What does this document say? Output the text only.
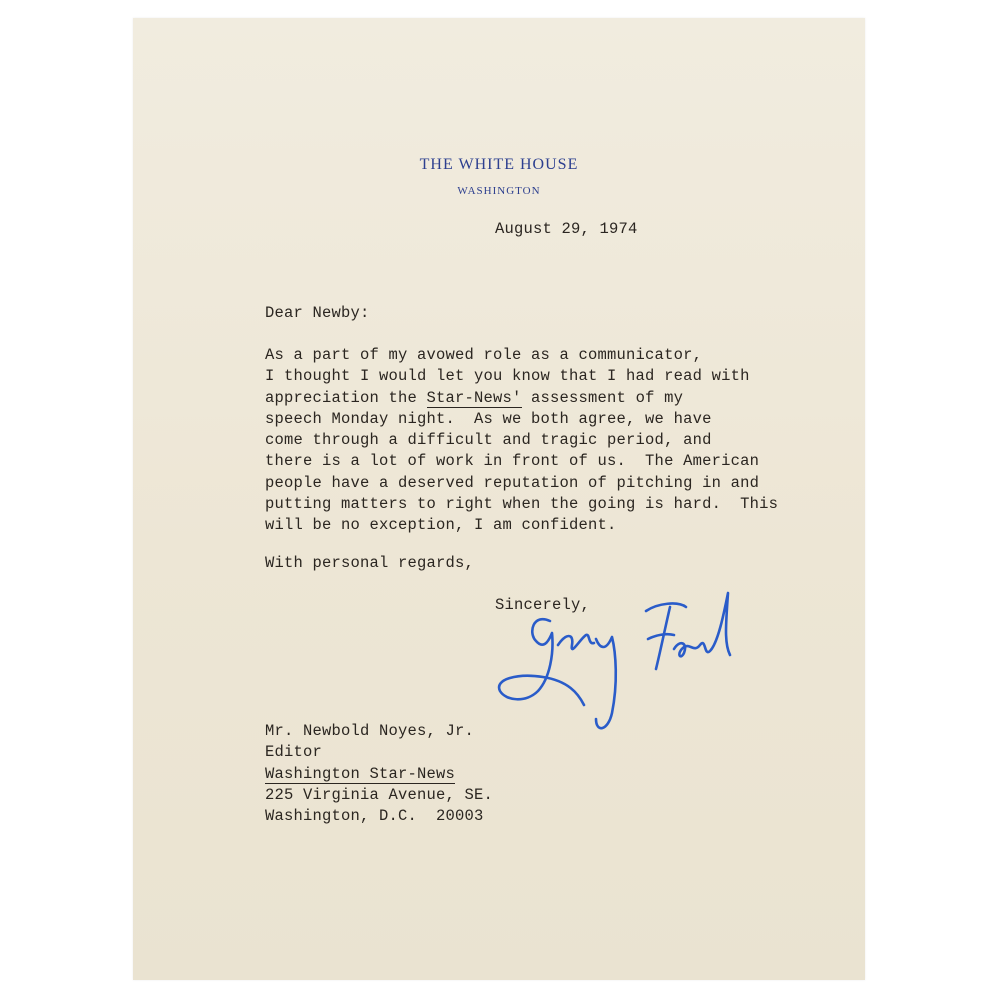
THE WHITE HOUSE
WASHINGTON
August 29, 1974
Dear Newby:
As a part of my avowed role as a communicator,
I thought I would let you know that I had read with
appreciation the Star-News' assessment of my
speech Monday night.  As we both agree, we have
come through a difficult and tragic period, and
there is a lot of work in front of us.  The American
people have a deserved reputation of pitching in and
putting matters to right when the going is hard.  This
will be no exception, I am confident.
With personal regards,
Sincerely,
Mr. Newbold Noyes, Jr.
Editor
Washington Star-News
225 Virginia Avenue, SE.
Washington, D.C.  20003
